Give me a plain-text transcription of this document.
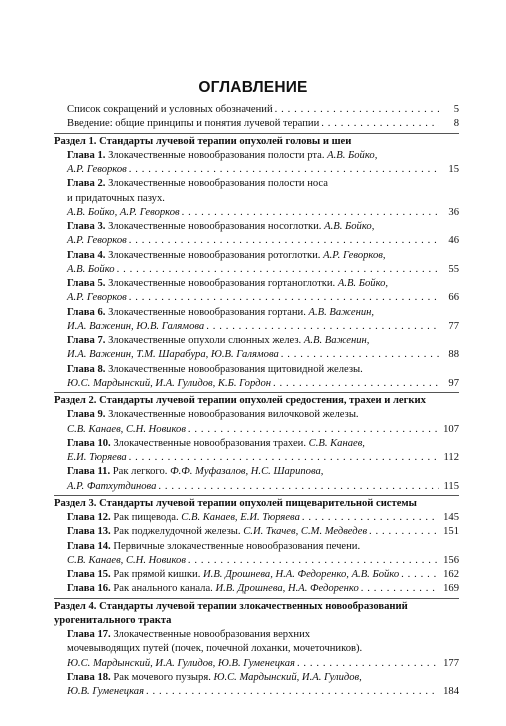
ОГЛАВЛЕНИЕ
Список сокращений и условных обозначений . . .	5
Введение: общие принципы и понятия лучевой терапии . . .	8
Раздел 1. Стандарты лучевой терапии опухолей головы и шеи
Глава 1.
Злокачественные новообразования полости рта.
А.В. Бойко,
А.Р. Геворков . . .	15
Глава 2.
Злокачественные новообразования полости носа
и придаточных пазух.
А.В. Бойко, А.Р. Геворков . . .	36
Глава 3.
Злокачественные новообразования носоглотки.
А.В. Бойко,
А.Р. Геворков . . .	46
Глава 4.
Злокачественные новообразования ротоглотки.
А.Р. Геворков,
А.В. Бойко . . .	55
Глава 5.
Злокачественные новообразования гортаноглотки.
А.В. Бойко,
А.Р. Геворков . . .	66
Глава 6.
Злокачественные новообразования гортани.
А.В. Важенин,
И.А. Важенин, Ю.В. Галямова . . .	77
Глава 7.
Злокачественные опухоли слюнных желез.
А.В. Важенин,
И.А. Важенин, Т.М. Шарабура, Ю.В. Галямова . . .	88
Глава 8.
Злокачественные новообразования щитовидной железы.
Ю.С. Мардынский, И.А. Гулидов, К.Б. Гордон . . .	97
Раздел 2. Стандарты лучевой терапии опухолей средостения, трахеи и легких
Глава 9.
Злокачественные новообразования вилочковой железы.
С.В. Канаев, С.Н. Новиков . . .	107
Глава 10.
Злокачественные новообразования трахеи.
С.В. Канаев,
Е.И. Тюряева . . .	112
Глава 11.
Рак легкого.
Ф.Ф. Муфазалов, Н.С. Шарипова,
А.Р. Фатхутдинова . . .	115
Раздел 3. Стандарты лучевой терапии опухолей пищеварительной системы
Глава 12.
Рак пищевода.
С.В. Канаев, Е.И. Тюряева . . .	145
Глава 13.
Рак поджелудочной железы.
С.И. Ткачев, С.М. Медведев . . .	151
Глава 14.
Первичные злокачественные новообразования печени.
С.В. Канаев, С.Н. Новиков . . .	156
Глава 15.
Рак прямой кишки.
И.В. Дрошнева, Н.А. Федоренко, А.В. Бойко . . .	162
Глава 16.
Рак анального канала.
И.В. Дрошнева, Н.А. Федоренко . . .	169
Раздел 4. Стандарты лучевой терапии злокачественных новообразований
урогенитального тракта
Глава 17.
Злокачественные новообразования верхних
мочевыводящих путей (почек, почечной лоханки, мочеточников).
Ю.С. Мардынский, И.А. Гулидов, Ю.В. Гуменецкая . . .	177
Глава 18.
Рак мочевого пузыря.
Ю.С. Мардынский, И.А. Гулидов,
Ю.В. Гуменецкая . . .	184
